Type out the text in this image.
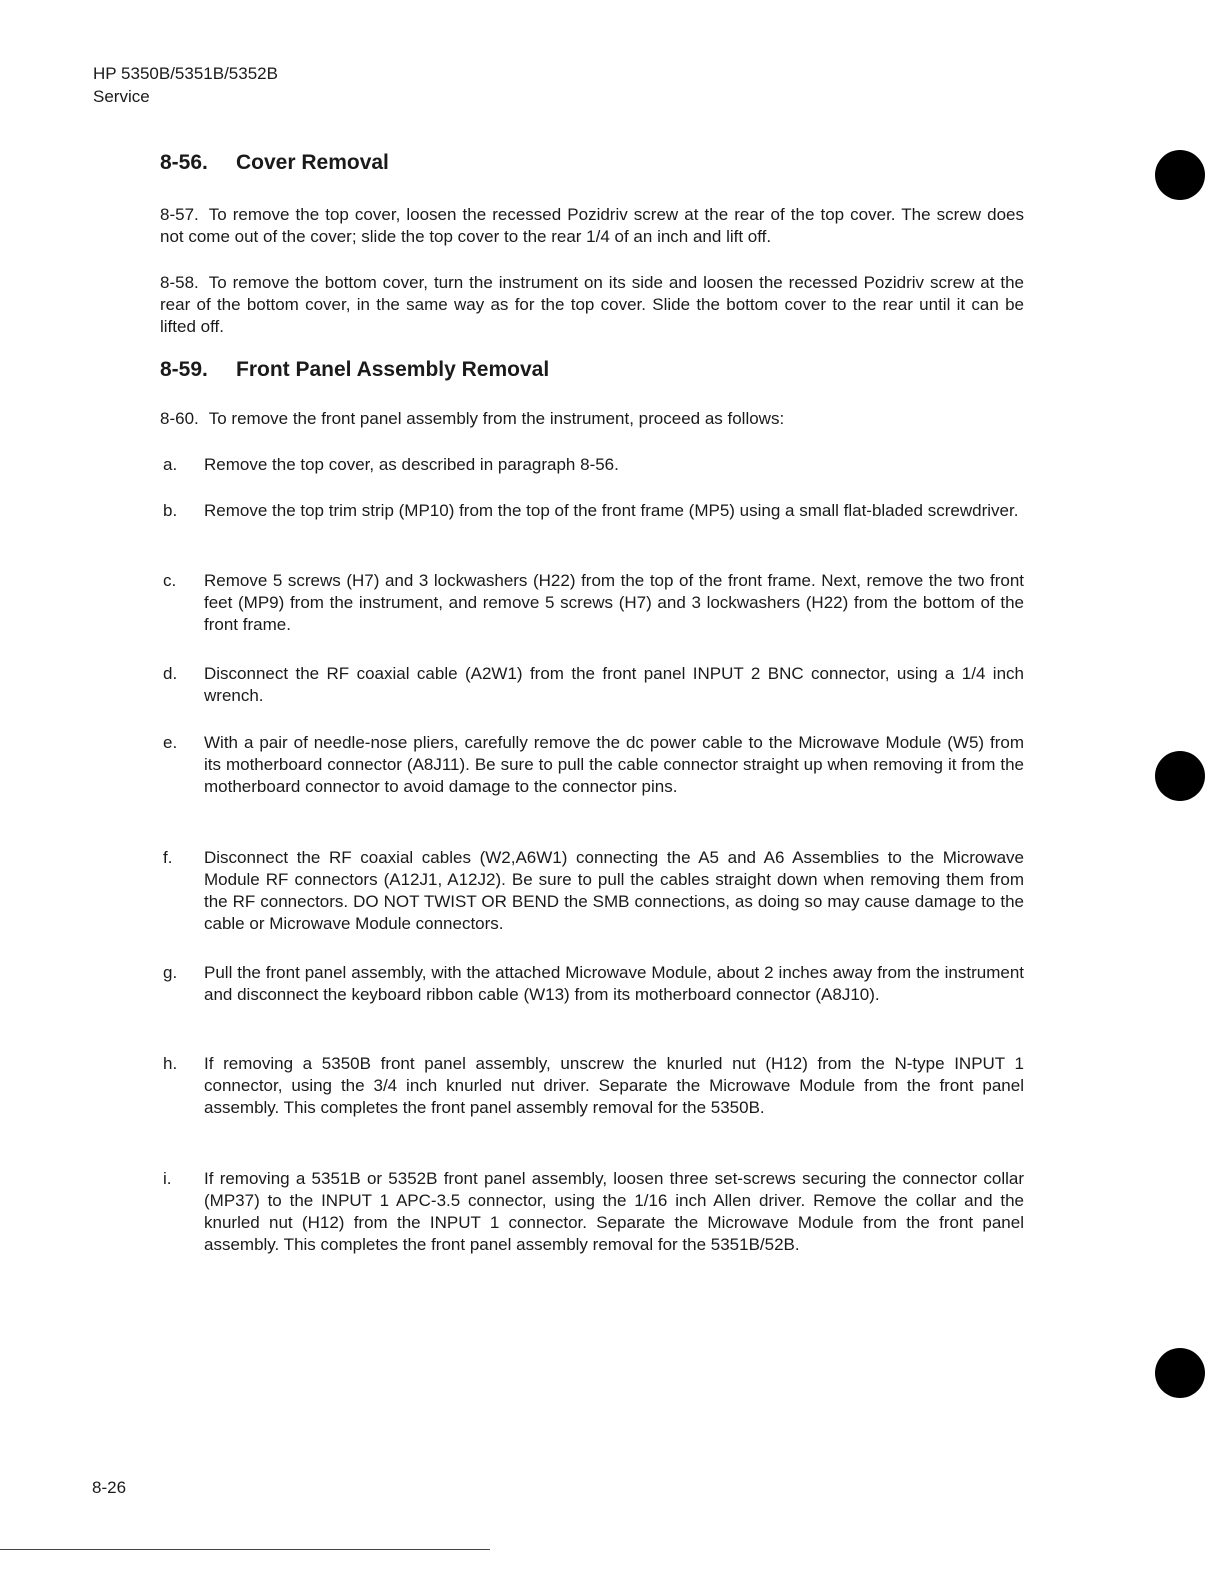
HP 5350B/5351B/5352B
Service
8-56. Cover Removal
8-57. To remove the top cover, loosen the recessed Pozidriv screw at the rear of the top cover. The screw does not come out of the cover; slide the top cover to the rear 1/4 of an inch and lift off.
8-58. To remove the bottom cover, turn the instrument on its side and loosen the recessed Pozidriv screw at the rear of the bottom cover, in the same way as for the top cover. Slide the bottom cover to the rear until it can be lifted off.
8-59. Front Panel Assembly Removal
8-60. To remove the front panel assembly from the instrument, proceed as follows:
a. Remove the top cover, as described in paragraph 8-56.
b. Remove the top trim strip (MP10) from the top of the front frame (MP5) using a small flat-bladed screwdriver.
c. Remove 5 screws (H7) and 3 lockwashers (H22) from the top of the front frame. Next, remove the two front feet (MP9) from the instrument, and remove 5 screws (H7) and 3 lockwashers (H22) from the bottom of the front frame.
d. Disconnect the RF coaxial cable (A2W1) from the front panel INPUT 2 BNC connector, using a 1/4 inch wrench.
e. With a pair of needle-nose pliers, carefully remove the dc power cable to the Microwave Module (W5) from its motherboard connector (A8J11). Be sure to pull the cable connector straight up when removing it from the motherboard connector to avoid damage to the connector pins.
f. Disconnect the RF coaxial cables (W2,A6W1) connecting the A5 and A6 Assemblies to the Microwave Module RF connectors (A12J1, A12J2). Be sure to pull the cables straight down when removing them from the RF connectors. DO NOT TWIST OR BEND the SMB connections, as doing so may cause damage to the cable or Microwave Module connectors.
g. Pull the front panel assembly, with the attached Microwave Module, about 2 inches away from the instrument and disconnect the keyboard ribbon cable (W13) from its motherboard connector (A8J10).
h. If removing a 5350B front panel assembly, unscrew the knurled nut (H12) from the N-type INPUT 1 connector, using the 3/4 inch knurled nut driver. Separate the Microwave Module from the front panel assembly. This completes the front panel assembly removal for the 5350B.
i. If removing a 5351B or 5352B front panel assembly, loosen three set-screws securing the connector collar (MP37) to the INPUT 1 APC-3.5 connector, using the 1/16 inch Allen driver. Remove the collar and the knurled nut (H12) from the INPUT 1 connector. Separate the Microwave Module from the front panel assembly. This completes the front panel assembly removal for the 5351B/52B.
8-26
